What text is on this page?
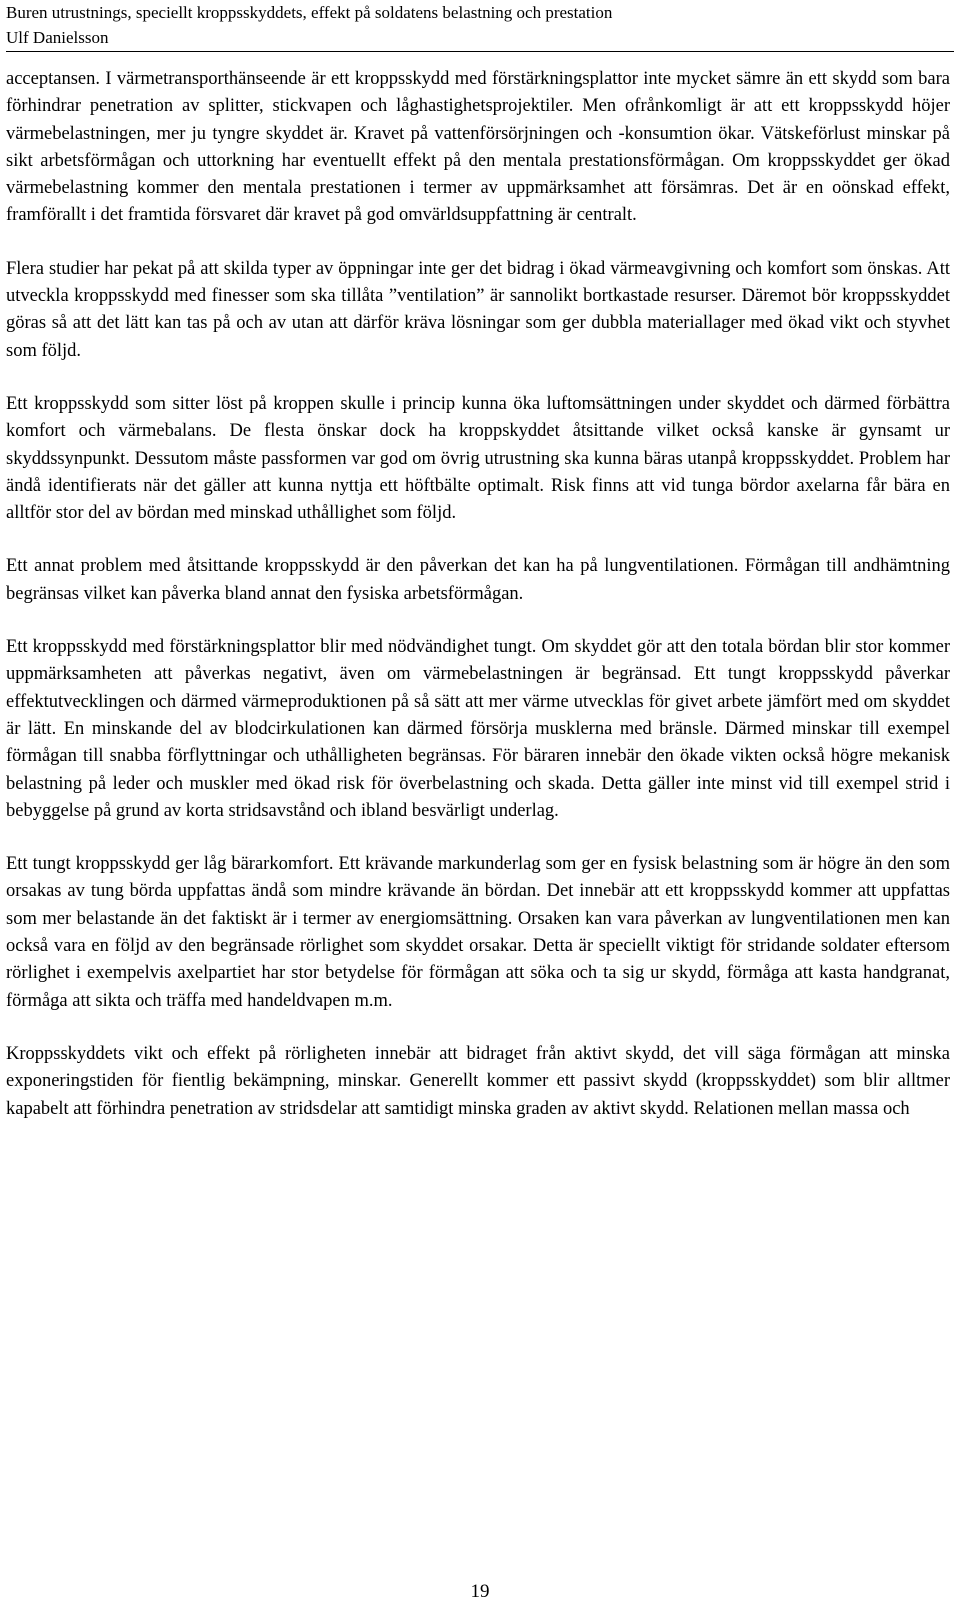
Buren utrustnings, speciellt kroppsskyddets, effekt på soldatens belastning och prestation
Ulf Danielsson

acceptansen. I värmetransporthänseende är ett kroppsskydd med förstärkningsplattor inte mycket sämre än ett skydd som bara förhindrar penetration av splitter, stickvapen och låghastighetsprojektiler. Men ofrånkomligt är att ett kroppsskydd höjer värmebelastningen, mer ju tyngre skyddet är. Kravet på vattenförsörjningen och -konsumtion ökar. Vätskeförlust minskar på sikt arbetsförmågan och uttorkning har eventuellt effekt på den mentala prestationsförmågan. Om kroppsskyddet ger ökad värmebelastning kommer den mentala prestationen i termer av uppmärksamhet att försämras. Det är en oönskad effekt, framförallt i det framtida försvaret där kravet på god omvärldsuppfattning är centralt.

Flera studier har pekat på att skilda typer av öppningar inte ger det bidrag i ökad värmeavgivning och komfort som önskas. Att utveckla kroppsskydd med finesser som ska tillåta ”ventilation” är sannolikt bortkastade resurser. Däremot bör kroppsskyddet göras så att det lätt kan tas på och av utan att därför kräva lösningar som ger dubbla materiallager med ökad vikt och styvhet som följd.

Ett kroppsskydd som sitter löst på kroppen skulle i princip kunna öka luftomsättningen under skyddet och därmed förbättra komfort och värmebalans. De flesta önskar dock ha kroppskyddet åtsittande vilket också kanske är gynsamt ur skyddssynpunkt. Dessutom måste passformen var god om övrig utrustning ska kunna bäras utanpå kroppsskyddet. Problem har ändå identifierats när det gäller att kunna nyttja ett höftbälte optimalt. Risk finns att vid tunga bördor axelarna får bära en alltför stor del av bördan med minskad uthållighet som följd.

Ett annat problem med åtsittande kroppsskydd är den påverkan det kan ha på lungventilationen. Förmågan till andhämtning begränsas vilket kan påverka bland annat den fysiska arbetsförmågan.

Ett kroppsskydd med förstärkningsplattor blir med nödvändighet tungt. Om skyddet gör att den totala bördan blir stor kommer uppmärksamheten att påverkas negativt, även om värmebelastningen är begränsad. Ett tungt kroppsskydd påverkar effektutvecklingen och därmed värmeproduktionen på så sätt att mer värme utvecklas för givet arbete jämfört med om skyddet är lätt. En minskande del av blodcirkulationen kan därmed försörja musklerna med bränsle. Därmed minskar till exempel förmågan till snabba förflyttningar och uthålligheten begränsas. För bäraren innebär den ökade vikten också högre mekanisk belastning på leder och muskler med ökad risk för överbelastning och skada. Detta gäller inte minst vid till exempel strid i bebyggelse på grund av korta stridsavstånd och ibland besvärligt underlag.

Ett tungt kroppsskydd ger låg bärarkomfort. Ett krävande markunderlag som ger en fysisk belastning som är högre än den som orsakas av tung börda uppfattas ändå som mindre krävande än bördan. Det innebär att ett kroppsskydd kommer att uppfattas som mer belastande än det faktiskt är i termer av energiomsättning. Orsaken kan vara påverkan av lungventilationen men kan också vara en följd av den begränsade rörlighet som skyddet orsakar. Detta är speciellt viktigt för stridande soldater eftersom rörlighet i exempelvis axelpartiet har stor betydelse för förmågan att söka och ta sig ur skydd, förmåga att kasta handgranat, förmåga att sikta och träffa med handeldvapen m.m.

Kroppsskyddets vikt och effekt på rörligheten innebär att bidraget från aktivt skydd, det vill säga förmågan att minska exponeringstiden för fientlig bekämpning, minskar. Generellt kommer ett passivt skydd (kroppsskyddet) som blir alltmer kapabelt att förhindra penetration av stridsdelar att samtidigt minska graden av aktivt skydd. Relationen mellan massa och

19
